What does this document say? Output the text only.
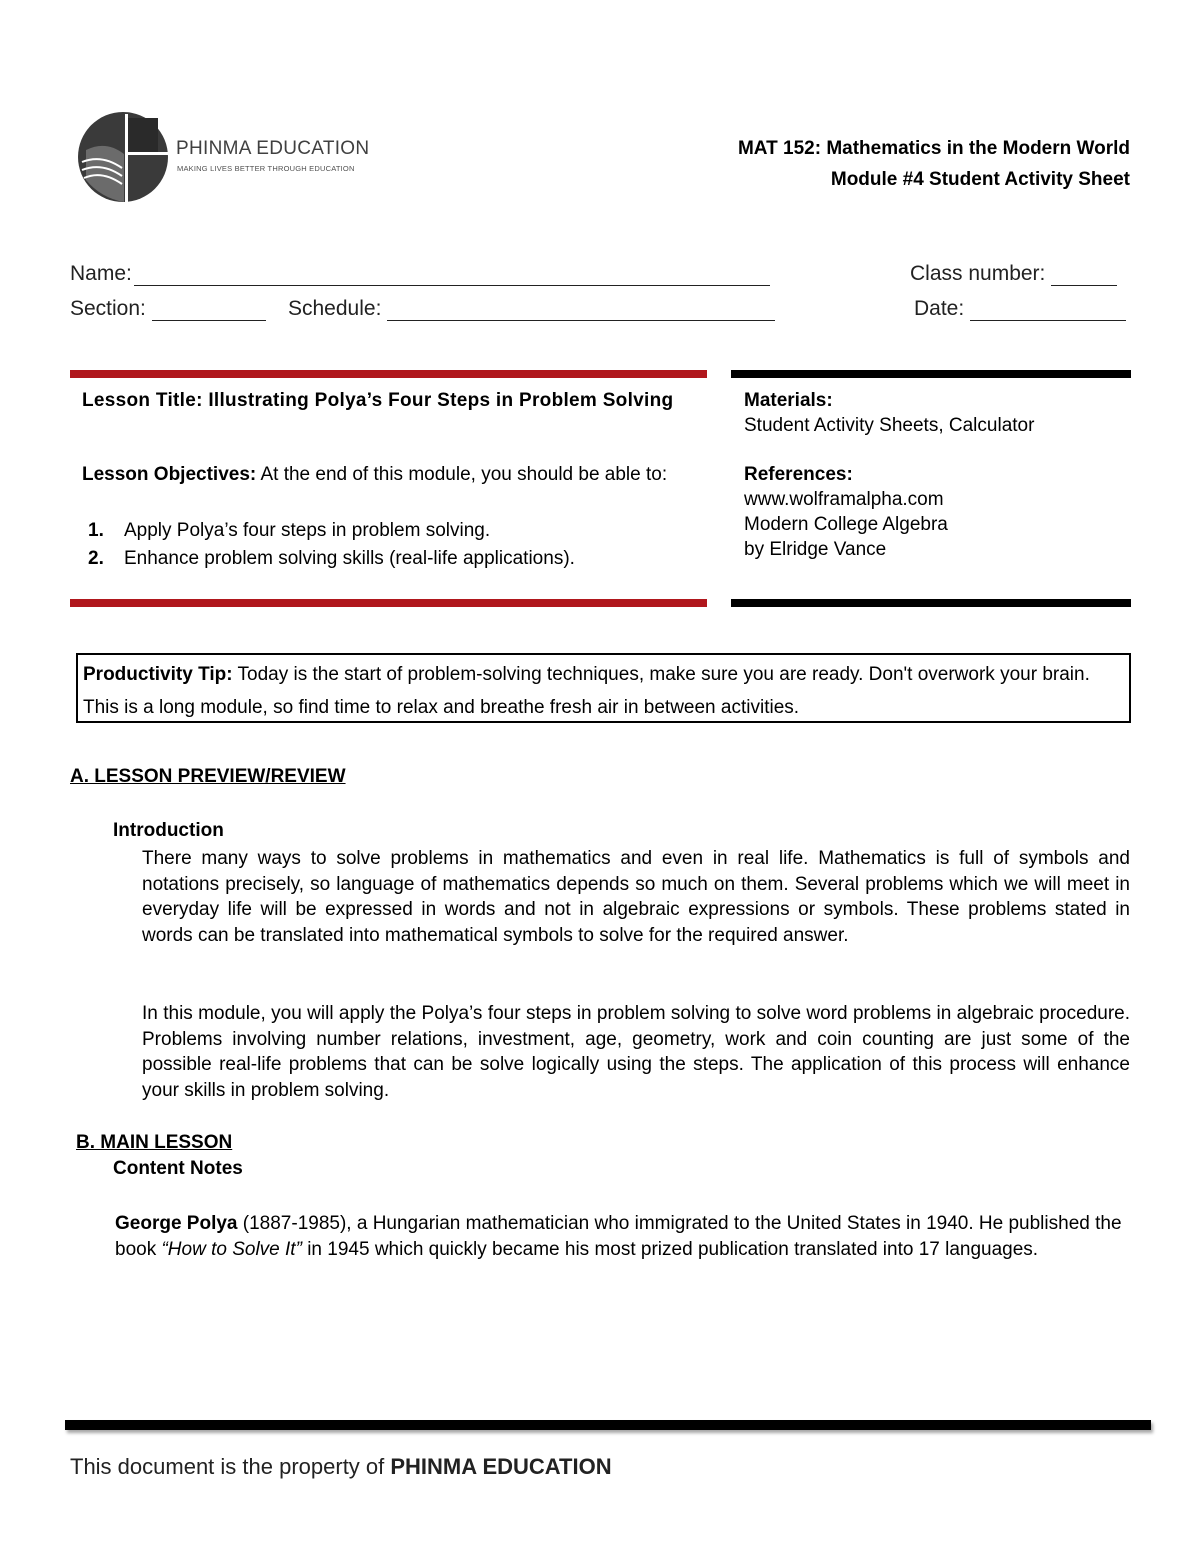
PHINMA EDUCATION
MAKING LIVES BETTER THROUGH EDUCATION
MAT 152: Mathematics in the Modern World
Module #4 Student Activity Sheet
Name:	Class number:
Section:	Schedule:	Date:
Lesson Title: Illustrating Polya’s Four Steps in Problem Solving
Lesson Objectives: At the end of this module, you should be able to:
1.	Apply Polya’s four steps in problem solving.
2.	Enhance problem solving skills (real-life applications).
Materials:
Student Activity Sheets, Calculator
References:
www.wolframalpha.com
Modern College Algebra
by Elridge Vance
Productivity Tip: Today is the start of problem-solving techniques, make sure you are ready. Don't overwork your brain. This is a long module, so find time to relax and breathe fresh air in between activities.
A. LESSON PREVIEW/REVIEW
Introduction
There many ways to solve problems in mathematics and even in real life. Mathematics is full of symbols and notations precisely, so language of mathematics depends so much on them. Several problems which we will meet in everyday life will be expressed in words and not in algebraic expressions or symbols. These problems stated in words can be translated into mathematical symbols to solve for the required answer.
In this module, you will apply the Polya’s four steps in problem solving to solve word problems in algebraic procedure. Problems involving number relations, investment, age, geometry, work and coin counting are just some of the possible real-life problems that can be solve logically using the steps. The application of this process will enhance your skills in problem solving.
B. MAIN LESSON
Content Notes
George Polya (1887-1985), a Hungarian mathematician who immigrated to the United States in 1940. He published the book “How to Solve It” in 1945 which quickly became his most prized publication translated into 17 languages.
This document is the property of PHINMA EDUCATION
